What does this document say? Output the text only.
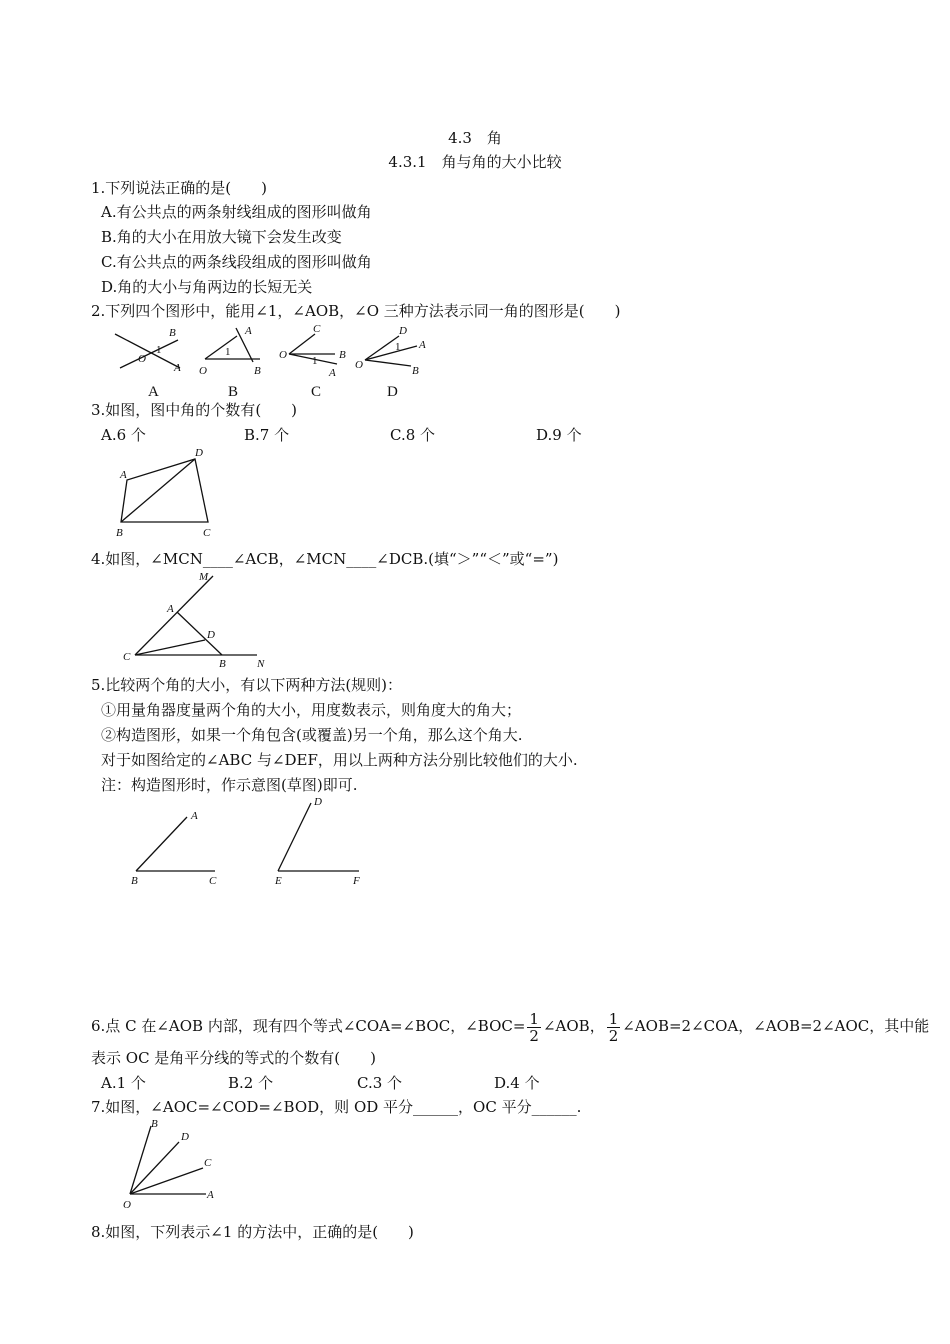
4.3　角
4.3.1　角与角的大小比较
1.下列说法正确的是(　　)
A.有公共点的两条射线组成的图形叫做角
B.角的大小在用放大镜下会发生改变
C.有公共点的两条线段组成的图形叫做角
D.角的大小与角两边的长短无关
2.下列四个图形中，能用∠1，∠AOB，∠O 三种方法表示同一角的图形是(　　)
B
O
1
A
A
A
1
O	B
B
C
O 1 B
A
C
D
1 A
O	B
D
3.如图，图中角的个数有(　　)
A.6 个	B.7 个	C.8 个	D.9 个
D
A
B	C
4.如图，∠MCN____∠ACB，∠MCN____∠DCB.(填“＞”“＜”或“=”)
M
A
D
C
B	N
5.比较两个角的大小，有以下两种方法(规则)：
①用量角器度量两个角的大小，用度数表示，则角度大的角大；
②构造图形，如果一个角包含(或覆盖)另一个角，那么这个角大.
对于如图给定的∠ABC 与∠DEF，用以上两种方法分别比较他们的大小.
注：构造图形时，作示意图(草图)即可.
A
B	C
D
E	F
6.点 C 在∠AOB 内部，现有四个等式∠COA=∠BOC，∠BOC= $\frac{1}{2}$ ∠AOB， $\frac{1}{2}$ ∠AOB=2∠COA，∠AOB=2∠AOC，其中能
表示 OC 是角平分线的等式的个数有(　　)
A.1 个	B.2 个	C.3 个	D.4 个
7.如图，∠AOC=∠COD=∠BOD，则 OD 平分______，OC 平分______.
B
D
C
O
A
8.如图，下列表示∠1 的方法中，正确的是(　　)
